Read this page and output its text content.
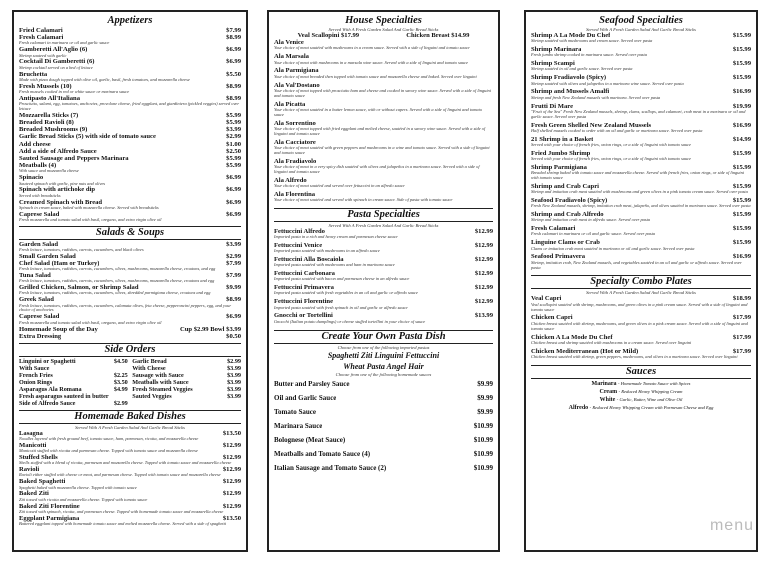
Appetizers
Fried Calamari	$7.99
Fresh Calamari	$8.99
Fresh calamari in marinara or oil and garlic sauce
Gamberetti All'Aglio (6)	$6.99
Shrimp sauteed with garlic
Cocktail Di Gamberetti (6)	$6.99
Shrimp cocktail served on a bed of lettuce
Bruchetta	$5.50
Made with pizza dough topped with olive oil, garlic, basil, fresh tomatoes, and mozzarella cheese
Fresh Mussels (10)	$8.99
Fresh mussels cooked in red or white sauce or marinara sauce
Antipasto All'Italiana	$8.99
Prosciutto, salami, egg, tomatoes, anchovies, provolone cheese, fried eggplant, and giardiniera (pickled veggies) served over lettuce
Mozzarella Sticks (7)	$5.99
Breaded Ravioli (8)	$5.99
Breaded Mushrooms (9)	$3.99
Garlic Bread Sticks (5) with side of tomato sauce	$2.99
Add cheese	$1.00
Add a side of Alfredo Sauce	$2.50
Sauted Sausage and Peppers Marinara	$5.99
Meatballs (4)	$5.99
With sauce and mozzarella cheese
Spinacio	$6.99
Sauteed spinach with garlic, pine nuts and olives
Spinach with artichoke dip	$6.99
Served with breadsticks
Creamed Spinach with Bread	$6.99
Spinach in cream sauce, baked with mozzarella cheese. Served with breadsticks
Caprese Salad	$6.99
Fresh mozzarella and tomato salad with basil, oregano, and extra virgin olive oil
Salads & Soups
Garden Salad	$3.99
Fresh lettuce, tomatoes, radishes, carrots, cucumbers, and black olives
Small Garden Salad	$2.99
Chef Salad (Ham or Turkey)	$7.99
Fresh lettuce, tomatoes, radishes, carrots, cucumbers, olives, mushrooms, mozzarella cheese, croutons, and egg
Tuna Salad	$7.99
Fresh lettuce, tomatoes, radishes, carrots, cucumbers, olives, mushrooms, mozzarella cheese, croutons and egg
Grilled Chicken, Salmon, or Shrimp Salad	$9.99
Fresh lettuce, tomatoes, radishes, carrots, cucumbers, olives, shredded parmigiana cheese, croutons and egg
Greek Salad	$8.99
Fresh lettuce, tomatoes, radishes, carrots, cucumbers, calamata olives, feta cheese, pepperoncini peppers, egg, and your choice of anchovies
Caprese Salad	$6.99
Fresh mozzarella and tomato salad with basil, oregano, and extra virgin olive oil
Homemade Soup of the Day	Cup $2.99 Bowl $3.99
Extra Dressing	$0.50
Side Orders
Linguini or Spaghetti	$4.50 Garlic Bread	$2.99
With Sauce	With Cheese	$3.99
French Fries	$2.25 Sausage with Sauce	$3.99
Onion Rings	$3.50 Meatballs with Sauce	$3.99
Asparagus Ala Romana	$4.99 Fresh Steamed Veggies	$3.99
Fresh asparagus sauteed in butter	Sauted Veggies	$3.99
Side of Alfredo Sauce	$2.99
Homemade Baked Dishes
Served With A Fresh Garden Salad And Garlic Bread Sticks
Lasagna	$13.50
Noodles layered with fresh ground beef, tomato sauce, ham, parmesan, ricotta, and mozzarella cheese
Manicotti	$12.99
Manicotti stuffed with ricotta and parmesan cheese. Topped with tomato sauce and mozzarella cheese
Stuffed Shells	$12.99
Shells stuffed with a blend of ricotta, parmesan and mozzarella cheese. Topped with tomato sauce and mozzarella cheese
Ravioli	$12.99
Ravioli either stuffed with cheese or meat, and parmesan cheese. Topped with tomato sauce and mozzarella cheese
Baked Spaghetti	$12.99
Spaghetti baked with mozzarella cheese. Topped with tomato sauce
Baked Ziti	$12.99
Ziti tossed with ricotta and mozzarella cheese. Topped with tomato sauce
Baked Ziti Florentine	$12.99
Ziti tossed with spinach, ricotta, and parmesan cheese. Topped with homemade tomato sauce and mozzarella cheese
Eggplant Parmigiana	$13.50
Battered eggplant topped with homemade tomato sauce and melted mozzarella cheese. Served with a side of spaghetti
House Specialties
Served With A Fresh Garden Salad And Garlic Bread Sticks
Veal Scallopini $17.99	Chicken Breast $14.99
Ala Venice
Your choice of meat sautéed with mushrooms in a cream sauce. Served with a side of linguini and tomato sauce
Ala Marsala
Your choice of meat with mushrooms in a marsala wine sauce. Served with a side of linguini and tomato sauce
Ala Parmigiana
Your choice of meat breaded then topped with tomato sauce and mozzarella cheese and baked. Served over linguini
Ala Val'Dostano
Your choice of meat topped with prosciutto ham and cheese and cooked in savory wine sauce. Served with a side of linguini and tomato sauce
Ala Picatta
Your choice of meat sautéed in a butter lemon sauce, with or without capers. Served with a side of linguini and tomato sauce
Ala Sorrentino
Your choice of meat topped with fried eggplant and melted cheese, sautéed in a savory wine sauce. Served with a side of linguini and tomato sauce
Ala Cacciatore
Your choice of meat sautéed with green peppers and mushrooms in a wine and tomato sauce. Served with a side of linguini and tomato sauce
Ala Fradiavolo
Your choice of meat in a very spicy dish sautéed with olives and jalapeños in a marinara sauce. Served with a side of linguini and tomato sauce
Ala Alfredo
Your choice of meat sautéed and served over fettuccini in an alfredo sauce
Ala Florentina
Your choice of meat sautéed and served with spinach in cream sauce. Side of pasta with tomato sauce
Pasta Specialties
Served With A Fresh Garden Salad And Garlic Bread Sticks
Fettuccini Alfredo	$12.99
Imported pasta in a rich and heavy cream and parmesan cheese sauce
Fettuccini Venice	$12.99
Imported pasta sautéed with mushrooms in an alfredo sauce
Fettuccini Alla Boscaiola	$12.99
Imported pasta sautéed with mushrooms and ham in marinara sauce
Fettuccini Carbonara	$12.99
Imported pasta sautéed with bacon and parmesan cheese in an alfredo sauce
Fettuccini Primavera	$12.99
Imported pasta sautéed with fresh vegetables in an oil and garlic or alfredo sauce
Fettuccini Florentine	$12.99
Imported pasta sautéed with fresh spinach in oil and garlic or alfredo sauce
Gnocchi or Tortellini	$13.99
Gnocchi (Italian potato dumplings) or cheese stuffed tortellini in your choice of sauce
Create Your Own Pasta Dish
Choose from one of the following imported pastas
Spaghetti Ziti Linguini Fettuccini
Wheat Pasta Angel Hair
Choose from one of the following homemade sauces
Butter and Parsley Sauce	$9.99
Oil and Garlic Sauce	$9.99
Tomato Sauce	$9.99
Marinara Sauce	$10.99
Bolognese (Meat Sauce)	$10.99
Meatballs and Tomato Sauce (4)	$10.99
Italian Sausage and Tomato Sauce (2)	$10.99
Seafood Specialties
Served With A Fresh Garden Salad And Garlic Bread Sticks
Shrimp A La Mode Du Chef	$15.99
Shrimp sautéed with mushrooms and cream sauce. Served over pasta
Shrimp Marinara	$15.99
Fresh jumbo shrimp cooked in marinara sauce. Served over pasta
Shrimp Scampi	$15.99
Shrimp sautéed in oil and garlic sauce. Served over pasta
Shrimp Fradiavolo (Spicy)	$15.99
Shrimp sautéed with olives and jalapeños in a marinara wine sauce. Served over pasta
Shrimp and Mussels Amalfi	$16.99
Shrimp and fresh New Zealand mussels with marinara. Served over pasta
Frutti Di Mare	$19.99
"Fruit of the Sea" Fresh New Zealand mussels, shrimp, clams, scallops, and calamari, crab meat in a marinara or oil and garlic sauce. Served over pasta
Fresh Green Shelled New Zealand Mussels	$16.99
Half shelled mussels cooked to order with an oil and garlic or marinara sauce. Served over pasta
21 Shrimp in a Basket	$14.99
Served with your choice of french fries, onion rings, or a side of linguini with tomato sauce
Fried Jumbo Shrimp	$15.99
Served with your choice of french fries, onion rings, or a side of linguini with tomato sauce
Shrimp Parmigiana	$15.99
Breaded shrimp baked with tomato sauce and mozzarella cheese. Served with french fries, onion rings, or side of linguini with tomato sauce
Shrimp and Crab Capri	$15.99
Shrimp and imitation crab meat sautéed with mushrooms and green olives in a pink tomato cream sauce. Served over pasta
Seafood Fradiavolo (Spicy)	$15.99
Fresh New Zealand mussels, shrimp, imitation crab meat, jalapeño, and olives sautéed in marinara sauce. Served over pasta
Shrimp and Crab Alfredo	$15.99
Shrimp and imitation crab meat in alfredo sauce. Served over pasta
Fresh Calamari	$15.99
Fresh calamari in marinara or oil and garlic sauce. Served over pasta
Linguine Clams or Crab	$15.99
Clams or imitation crab meat sautéed in marinara or oil and garlic sauce. Served over pasta
Seafood Primavera	$16.99
Shrimp, imitation crab, New Zealand mussels, and vegetables sautéed in an oil and garlic or alfredo sauce. Served over pasta
Specialty Combo Plates
Served With A Fresh Garden Salad And Garlic Bread Sticks
Veal Capri	$18.99
Veal scallopini sautéed with shrimp, mushrooms, and green olives in a pink cream sauce. Served with a side of linguini and tomato sauce
Chicken Capri	$17.99
Chicken breast sautéed with shrimp, mushrooms, and green olives in a pink cream sauce. Served with a side of linguini and tomato sauce
Chicken A La Mode Du Chef	$17.99
Chicken breast and shrimp sautéed with mushrooms in a cream sauce. Served over linguini
Chicken Mediterranean (Hot or Mild)	$17.99
Chicken breast sautéed with shrimp, green peppers, mushrooms, and olives in a marinara sauce. Served over linguini
Sauces
Marinara - Homemade Tomato Sauce with Spices
Cream - Reduced Heavy Whipping Cream
White - Garlic, Butter, Wine and Olive Oil
Alfredo - Reduced Heavy Whipping Cream with Parmesan Cheese and Egg
menu
